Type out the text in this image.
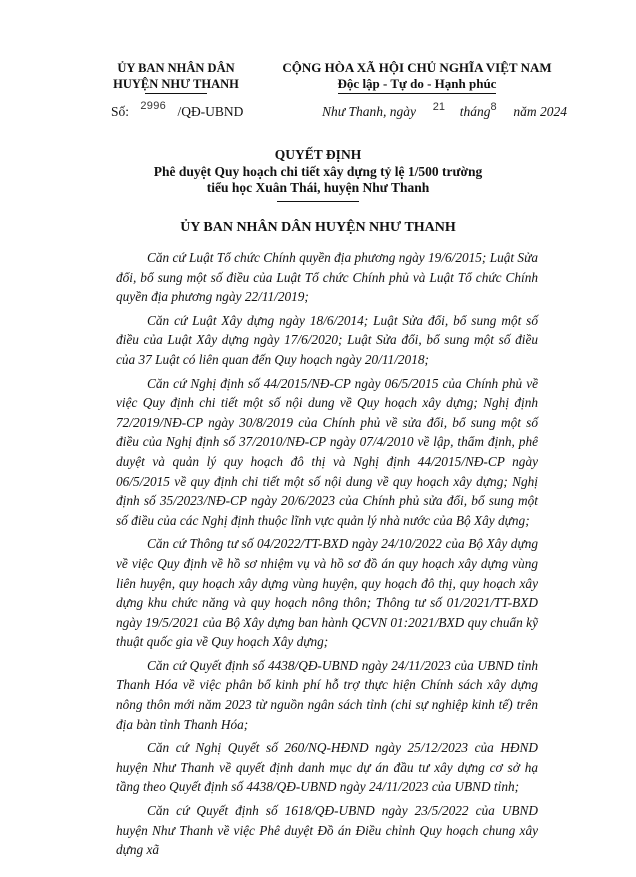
ỦY BAN NHÂN DÂN
HUYỆN NHƯ THANH
CỘNG HÒA XÃ HỘI CHỦ NGHĨA VIỆT NAM
Độc lập - Tự do - Hạnh phúc
Số: $^{2996}$ /QĐ-UBND	Như Thanh, ngày $^{21}$ tháng$^8$ năm 2024
QUYẾT ĐỊNH
Phê duyệt Quy hoạch chi tiết xây dựng tỷ lệ 1/500 trường
tiểu học Xuân Thái, huyện Như Thanh
ỦY BAN NHÂN DÂN HUYỆN NHƯ THANH

Căn cứ Luật Tổ chức Chính quyền địa phương ngày 19/6/2015; Luật Sửa đổi, bổ sung một số điều của Luật Tổ chức Chính phủ và Luật Tổ chức Chính quyền địa phương ngày 22/11/2019;

Căn cứ Luật Xây dựng ngày 18/6/2014; Luật Sửa đổi, bổ sung một số điều của Luật Xây dựng ngày 17/6/2020; Luật Sửa đổi, bổ sung một số điều của 37 Luật có liên quan đến Quy hoạch ngày 20/11/2018;

Căn cứ Nghị định số 44/2015/NĐ-CP ngày 06/5/2015 của Chính phủ về việc Quy định chi tiết một số nội dung về Quy hoạch xây dựng; Nghị định 72/2019/NĐ-CP ngày 30/8/2019 của Chính phủ về sửa đổi, bổ sung một số điều của Nghị định số 37/2010/NĐ-CP ngày 07/4/2010 về lập, thẩm định, phê duyệt và quản lý quy hoạch đô thị và Nghị định 44/2015/NĐ-CP ngày 06/5/2015 về quy định chi tiết một số nội dung về quy hoạch xây dựng; Nghị định số 35/2023/NĐ-CP ngày 20/6/2023 của Chính phủ sửa đổi, bổ sung một số điều của các Nghị định thuộc lĩnh vực quản lý nhà nước của Bộ Xây dựng;

Căn cứ Thông tư số 04/2022/TT-BXD ngày 24/10/2022 của Bộ Xây dựng về việc Quy định về hồ sơ nhiệm vụ và hồ sơ đồ án quy hoạch xây dựng vùng liên huyện, quy hoạch xây dựng vùng huyện, quy hoạch đô thị, quy hoạch xây dựng khu chức năng và quy hoạch nông thôn; Thông tư số 01/2021/TT-BXD ngày 19/5/2021 của Bộ Xây dựng ban hành QCVN 01:2021/BXD quy chuẩn kỹ thuật quốc gia về Quy hoạch Xây dựng;

Căn cứ Quyết định số 4438/QĐ-UBND ngày 24/11/2023 của UBND tỉnh Thanh Hóa về việc phân bổ kinh phí hỗ trợ thực hiện Chính sách xây dựng nông thôn mới năm 2023 từ nguồn ngân sách tỉnh (chi sự nghiệp kinh tế) trên địa bàn tỉnh Thanh Hóa;

Căn cứ Nghị Quyết số 260/NQ-HĐND ngày 25/12/2023 của HĐND huyện Như Thanh về quyết định danh mục dự án đầu tư xây dựng cơ sở hạ tầng theo Quyết định số 4438/QĐ-UBND ngày 24/11/2023 của UBND tỉnh;

Căn cứ Quyết định số 1618/QĐ-UBND ngày 23/5/2022 của UBND huyện Như Thanh về việc Phê duyệt Đồ án Điều chỉnh Quy hoạch chung xây dựng xã
